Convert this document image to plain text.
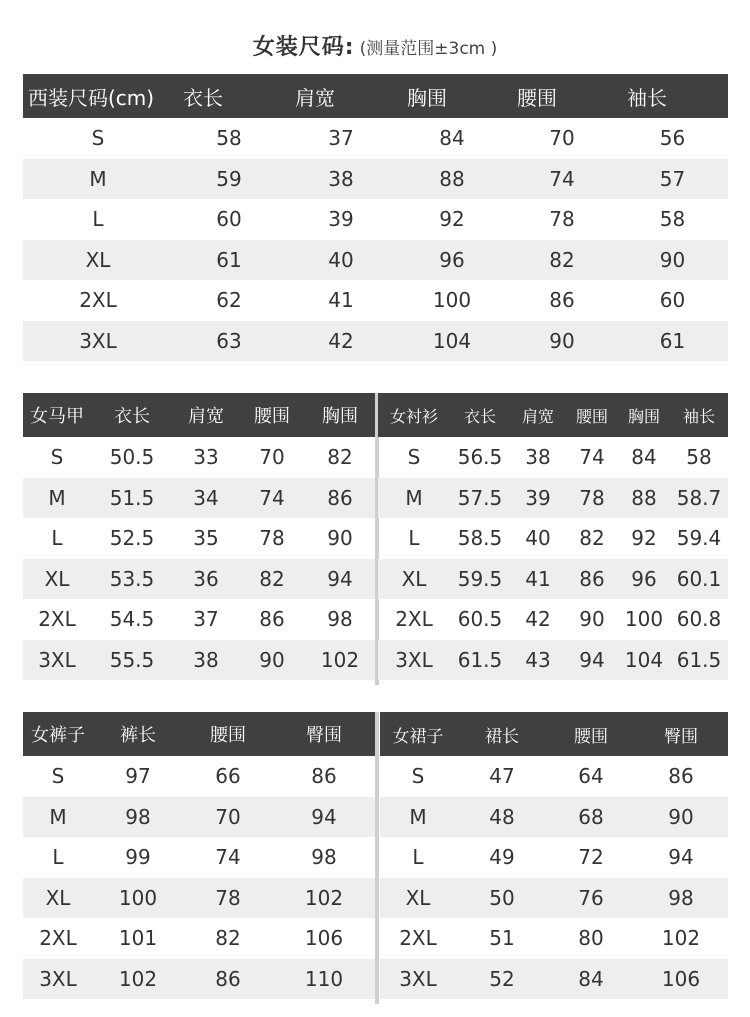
女装尺码: (测量范围±3cm )
西装尺码(cm)	衣长	肩宽	胸围	腰围	袖长
S	58	37	84	70	56
M	59	38	88	74	57
L	60	39	92	78	58
XL	61	40	96	82	90
2XL	62	41	100	86	60
3XL	63	42	104	90	61
女马甲	衣长	肩宽	腰围	胸围
S	50.5	33	70	82
M	51.5	34	74	86
L	52.5	35	78	90
XL	53.5	36	82	94
2XL	54.5	37	86	98
3XL	55.5	38	90	102
女衬衫	衣长	肩宽	腰围	胸围	袖长
S	56.5	38	74	84	58
M	57.5	39	78	88	58.7
L	58.5	40	82	92	59.4
XL	59.5	41	86	96	60.1
2XL	60.5	42	90	100	60.8
3XL	61.5	43	94	104	61.5
女裤子	裤长	腰围	臀围
S	97	66	86
M	98	70	94
L	99	74	98
XL	100	78	102
2XL	101	82	106
3XL	102	86	110
女裙子	裙长	腰围	臀围
S	47	64	86
M	48	68	90
L	49	72	94
XL	50	76	98
2XL	51	80	102
3XL	52	84	106
